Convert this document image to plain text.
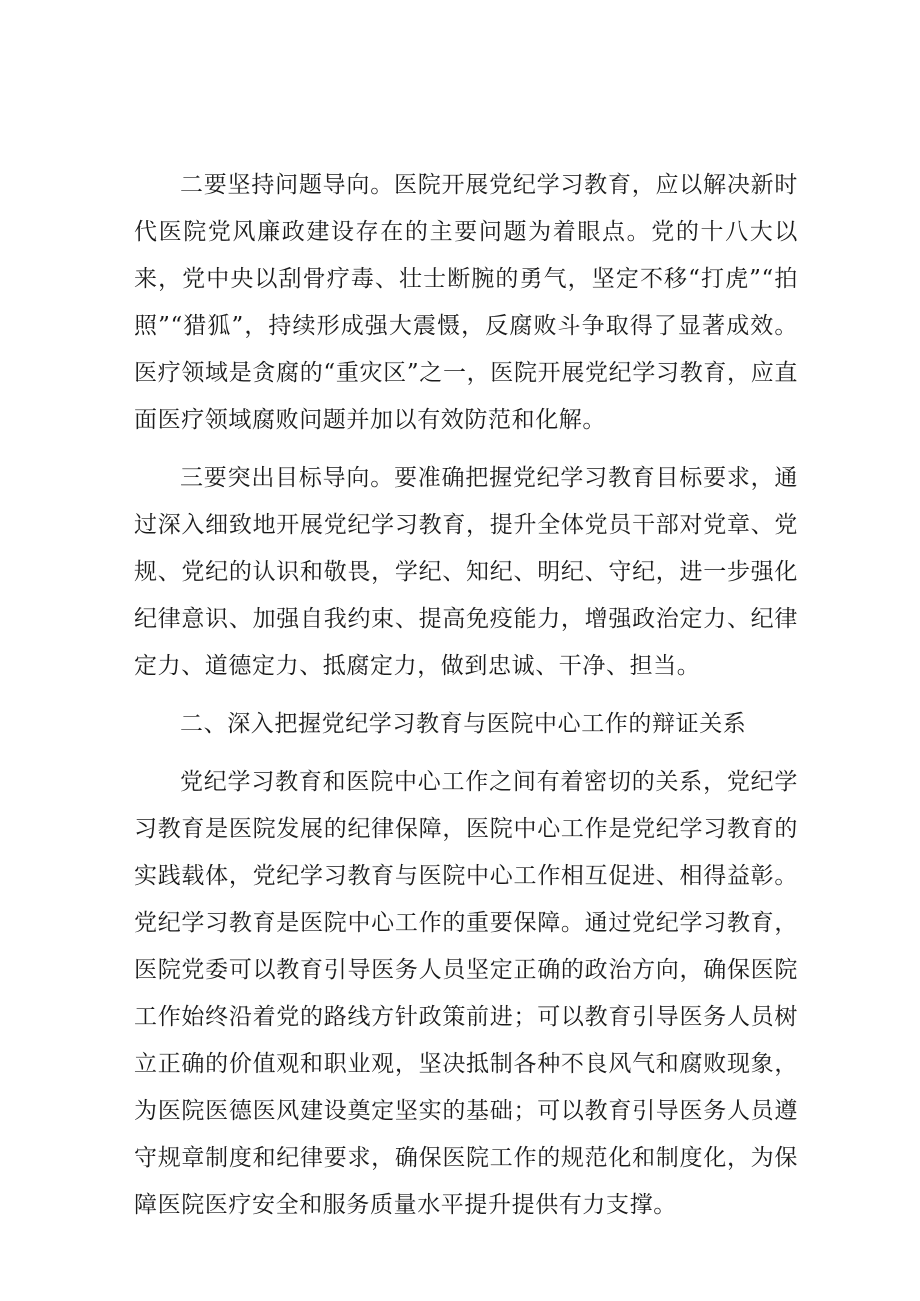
二要坚持问题导向。医院开展党纪学习教育，应以解决新时代医院党风廉政建设存在的主要问题为着眼点。党的十八大以来，党中央以刮骨疗毒、壮士断腕的勇气，坚定不移“打虎”“拍照”“猎狐”，持续形成强大震慑，反腐败斗争取得了显著成效。医疗领域是贪腐的“重灾区”之一，医院开展党纪学习教育，应直面医疗领域腐败问题并加以有效防范和化解。

三要突出目标导向。要准确把握党纪学习教育目标要求，通过深入细致地开展党纪学习教育，提升全体党员干部对党章、党规、党纪的认识和敬畏，学纪、知纪、明纪、守纪，进一步强化纪律意识、加强自我约束、提高免疫能力，增强政治定力、纪律定力、道德定力、抵腐定力，做到忠诚、干净、担当。

二、深入把握党纪学习教育与医院中心工作的辩证关系

党纪学习教育和医院中心工作之间有着密切的关系，党纪学习教育是医院发展的纪律保障，医院中心工作是党纪学习教育的实践载体，党纪学习教育与医院中心工作相互促进、相得益彰。党纪学习教育是医院中心工作的重要保障。通过党纪学习教育，医院党委可以教育引导医务人员坚定正确的政治方向，确保医院工作始终沿着党的路线方针政策前进；可以教育引导医务人员树立正确的价值观和职业观，坚决抵制各种不良风气和腐败现象，为医院医德医风建设奠定坚实的基础；可以教育引导医务人员遵守规章制度和纪律要求，确保医院工作的规范化和制度化，为保障医院医疗安全和服务质量水平提升提供有力支撑。
